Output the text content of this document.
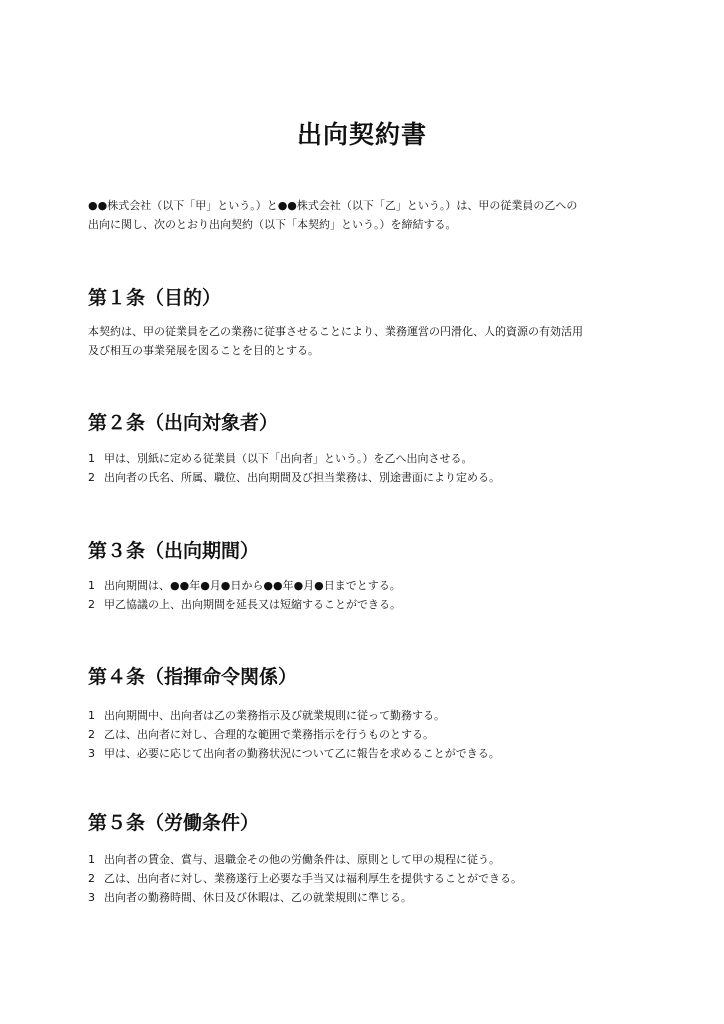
出向契約書

●●株式会社（以下「甲」という。）と●●株式会社（以下「乙」という。）は、甲の従業員の乙への

出向に関し、次のとおり出向契約（以下「本契約」という。）を締結する。

第１条（目的）

本契約は、甲の従業員を乙の業務に従事させることにより、業務運営の円滑化、人的資源の有効活用

及び相互の事業発展を図ることを目的とする。

第２条（出向対象者）
1 甲は、別紙に定める従業員（以下「出向者」という。）を乙へ出向させる。
2 出向者の氏名、所属、職位、出向期間及び担当業務は、別途書面により定める。
第３条（出向期間）
1 出向期間は、●●年●月●日から●●年●月●日までとする。
2 甲乙協議の上、出向期間を延長又は短縮することができる。
第４条（指揮命令関係）
1 出向期間中、出向者は乙の業務指示及び就業規則に従って勤務する。
2 乙は、出向者に対し、合理的な範囲で業務指示を行うものとする。
3 甲は、必要に応じて出向者の勤務状況について乙に報告を求めることができる。
第５条（労働条件）
1 出向者の賃金、賞与、退職金その他の労働条件は、原則として甲の規程に従う。
2 乙は、出向者に対し、業務遂行上必要な手当又は福利厚生を提供することができる。
3 出向者の勤務時間、休日及び休暇は、乙の就業規則に準じる。
